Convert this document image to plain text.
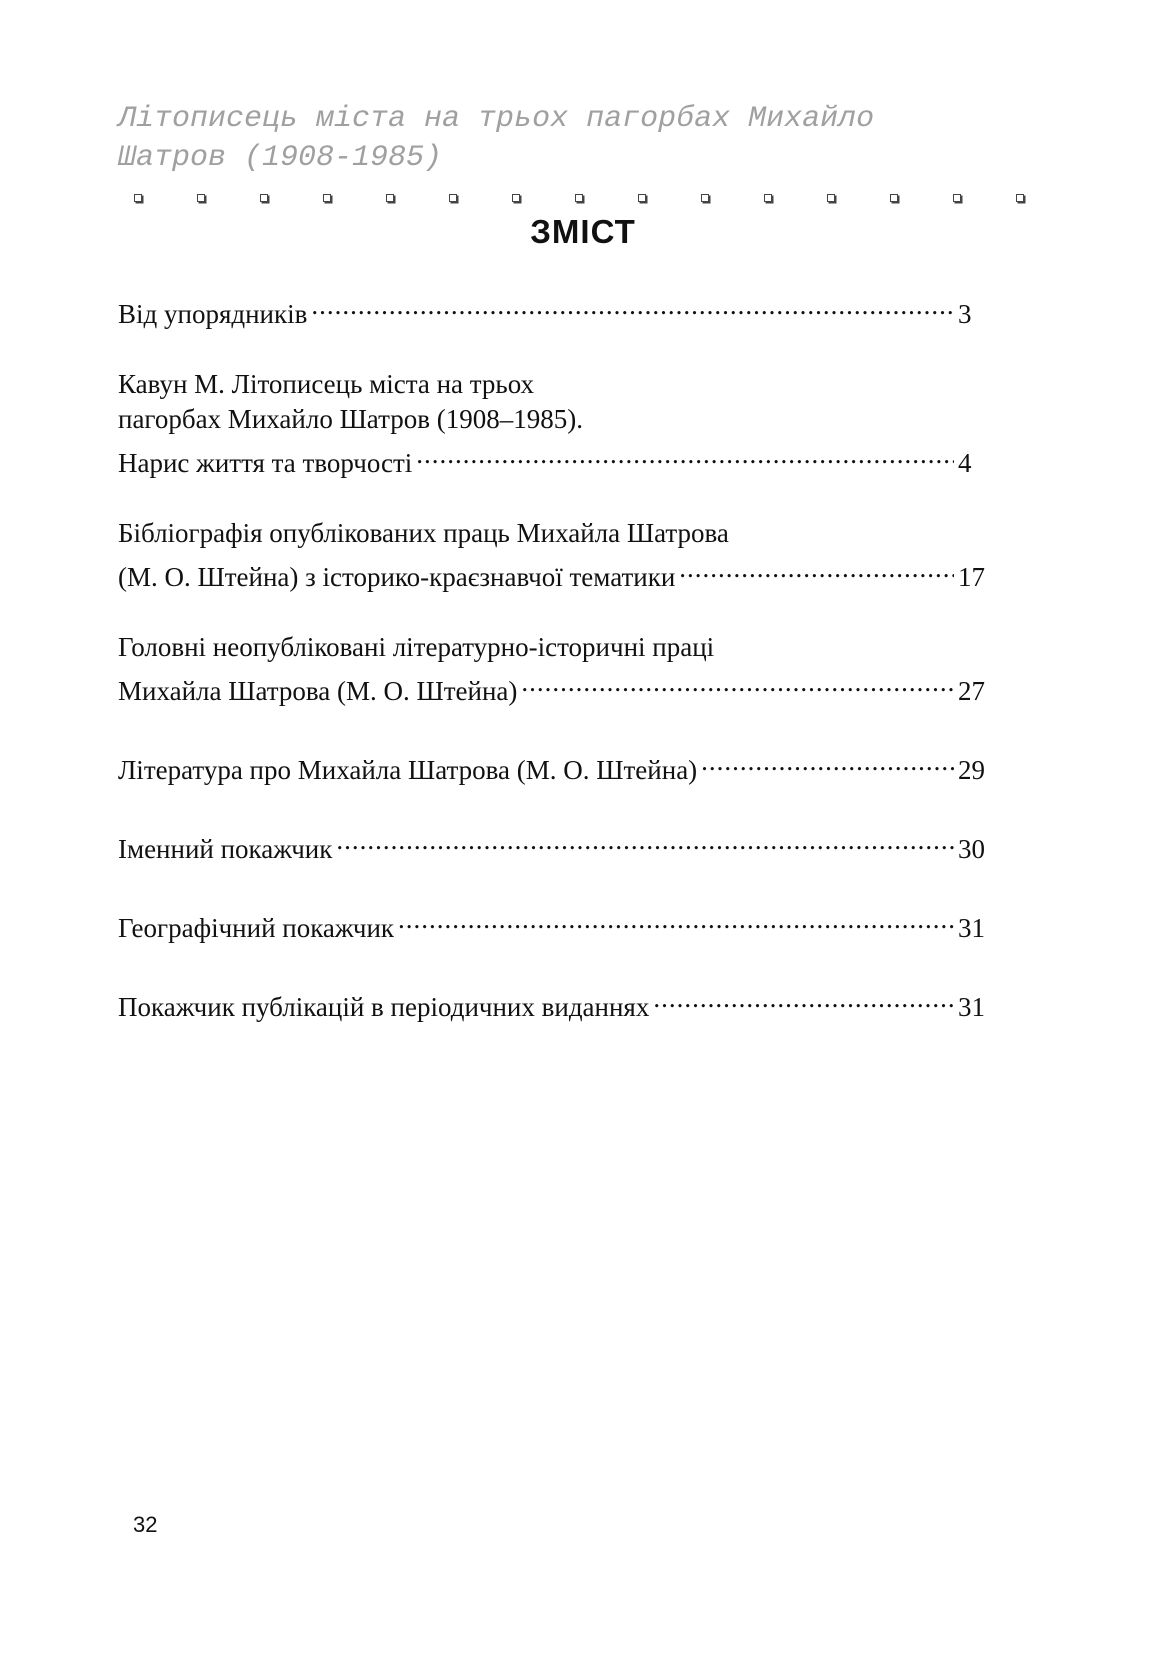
Літописець міста на трьох пагорбах Михайло
Шатров (1908-1985)
ЗМІСТ
Від упорядників .....	3
Кавун М. Літописець міста на трьох
пагорбах Михайло Шатров (1908–1985).
Нарис життя та творчості .....	4
Бібліографія опублікованих праць Михайла Шатрова
(М. О. Штейна) з історико-краєзнавчої тематики .....	17
Головні неопубліковані літературно-історичні праці
Михайла Шатрова (М. О. Штейна) .....	27
Література про Михайла Шатрова (М. О. Штейна) .....	29
Іменний покажчик .....	30
Географічний покажчик .....	31
Покажчик публікацій в періодичних виданнях .....	31
32
